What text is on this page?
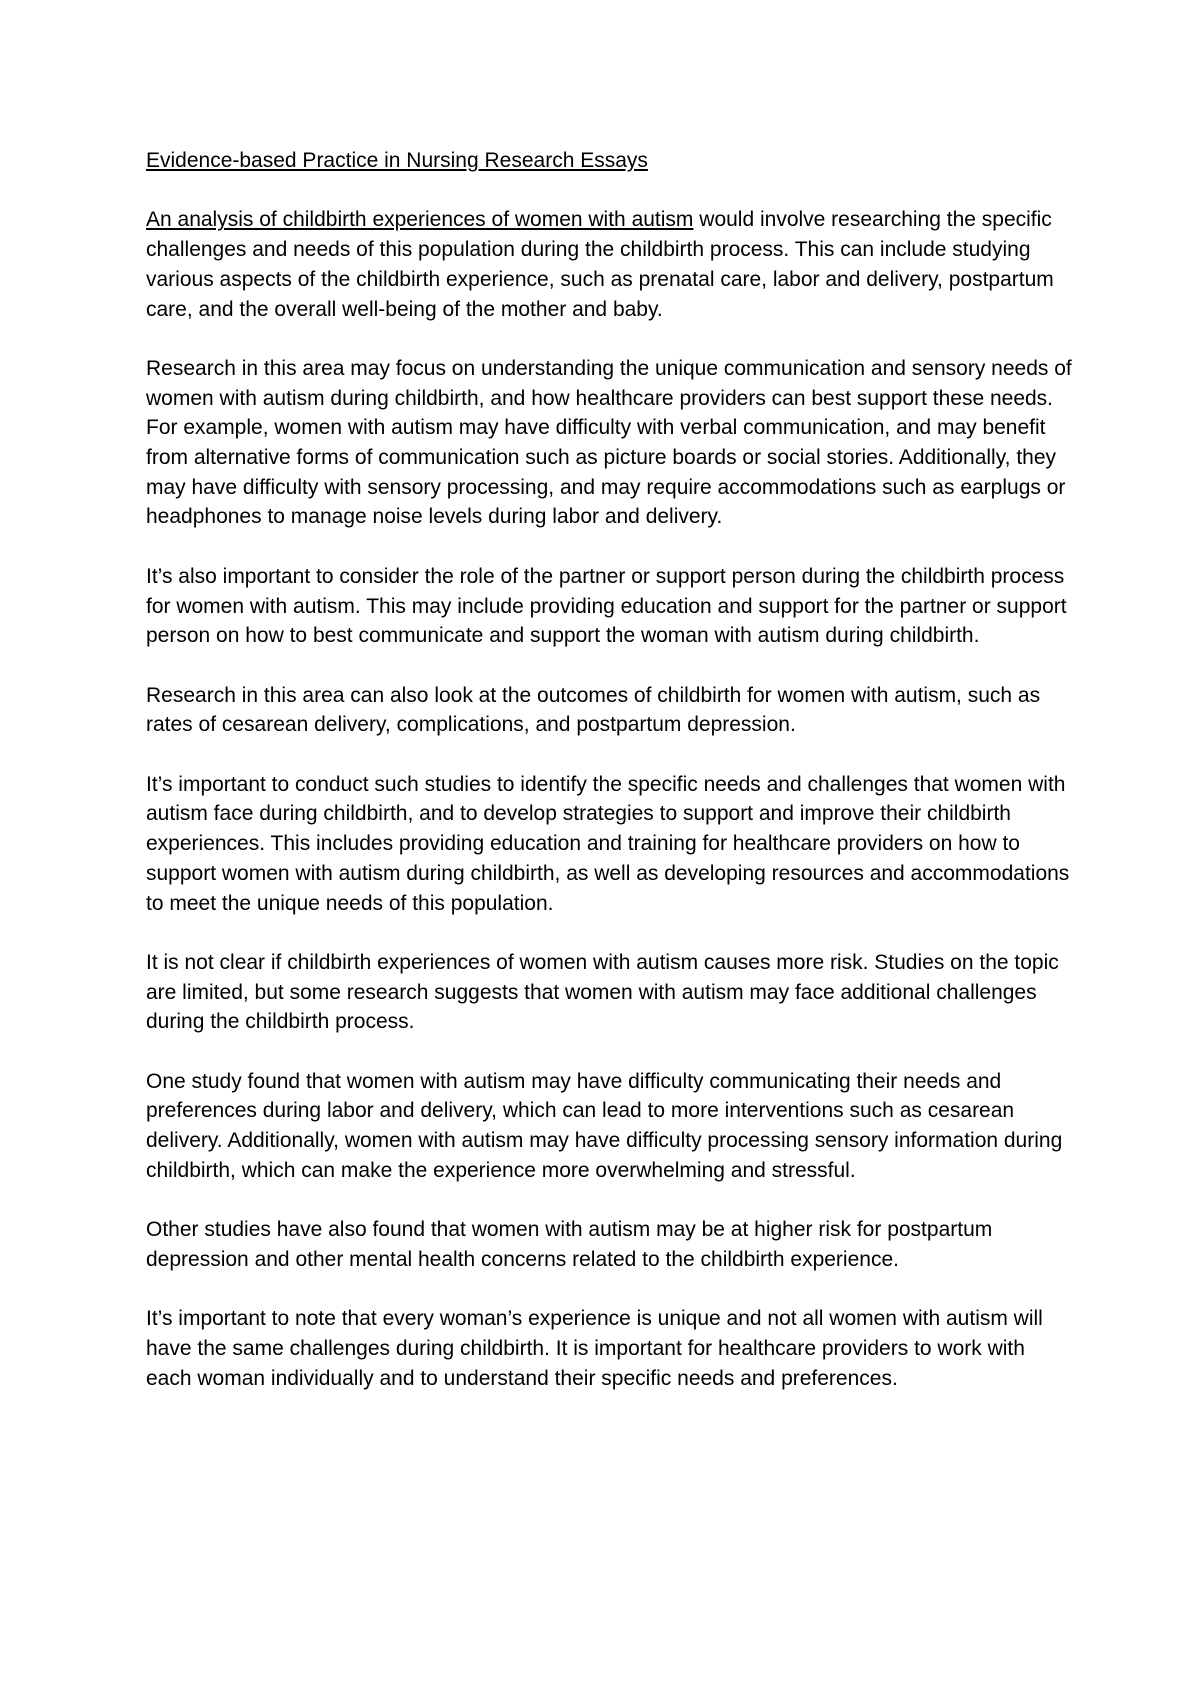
Evidence-based Practice in Nursing Research Essays

An analysis of childbirth experiences of women with autism would involve researching the specific challenges and needs of this population during the childbirth process. This can include studying various aspects of the childbirth experience, such as prenatal care, labor and delivery, postpartum care, and the overall well-being of the mother and baby.

Research in this area may focus on understanding the unique communication and sensory needs of women with autism during childbirth, and how healthcare providers can best support these needs. For example, women with autism may have difficulty with verbal communication, and may benefit from alternative forms of communication such as picture boards or social stories. Additionally, they may have difficulty with sensory processing, and may require accommodations such as earplugs or headphones to manage noise levels during labor and delivery.

It’s also important to consider the role of the partner or support person during the childbirth process for women with autism. This may include providing education and support for the partner or support person on how to best communicate and support the woman with autism during childbirth.

Research in this area can also look at the outcomes of childbirth for women with autism, such as rates of cesarean delivery, complications, and postpartum depression.

It’s important to conduct such studies to identify the specific needs and challenges that women with autism face during childbirth, and to develop strategies to support and improve their childbirth experiences. This includes providing education and training for healthcare providers on how to support women with autism during childbirth, as well as developing resources and accommodations to meet the unique needs of this population.

It is not clear if childbirth experiences of women with autism causes more risk. Studies on the topic are limited, but some research suggests that women with autism may face additional challenges during the childbirth process.

One study found that women with autism may have difficulty communicating their needs and preferences during labor and delivery, which can lead to more interventions such as cesarean delivery. Additionally, women with autism may have difficulty processing sensory information during childbirth, which can make the experience more overwhelming and stressful.

Other studies have also found that women with autism may be at higher risk for postpartum depression and other mental health concerns related to the childbirth experience.

It’s important to note that every woman’s experience is unique and not all women with autism will have the same challenges during childbirth. It is important for healthcare providers to work with each woman individually and to understand their specific needs and preferences.
